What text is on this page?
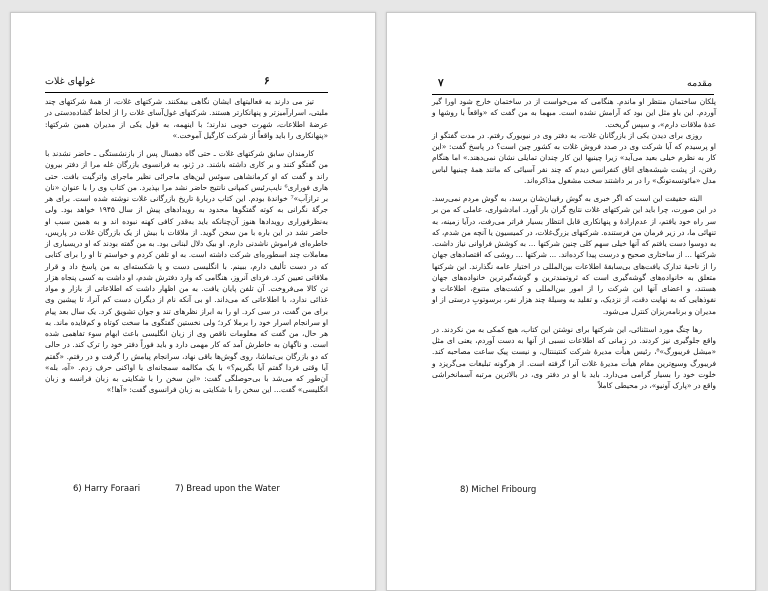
۶
غولهای غلات

تیز می دارند به فعالیتهای ایشان نگاهی بیفکنند. شرکتهای غلات، از همهٔ شرکتهای چند ملیتی، اسرارآمیزتر و پنهانکارتر هستند. شرکتهای غول‌آسای غلات را از لحاظ گشاده‌دستی در عرضهٔ اطلاعات، شهرت خوبی ندارند؛ با اینهمه، به قول یکی از مدیران همین شرکتها: «پنهانکاری را باید واقعاً از شرکت کارگیل آموخت.»

کارمندان سابق شرکتهای غلات ـ حتی گاه دهسال پس از بازنشستگی ـ حاضر نشدند با من گفتگو کنند و بر کاری داشته باشند. در ژنو، به فرانسوی بازرگان غله مرا از دفتر بیرون راند و گفت که او کرمانشاهی سوئس لین‌های ماجرائی نظیر ماجرای واترگیت بافت. حتی هاری فوراری⁶ نایب‌رئیس کمپانی نانتیج حاضر نشد مرا بپذیرد. من کتاب وی را با عنوان «نان بر ترازآب»⁷ خواندهٔ بودم. این کتاب دربارهٔ تاریخ بازرگانی غلات نوشته شده است. برای هر جرگهٔ نگرانی به کوته گفتگوها محدود به رویدادهای پیش از سال ۱۹۴۵ خواهد بود. ولی به‌نظرفوراری رویدادها هنوز آن‌چنانکه باید به‌قدر کافی کهنه نبوده اند و به همین سبب او حاضر نشد در این باره با من سخن گوید. از ملاقات با بیش از یک بازرگان غلات در پاریس، خاطره‌ای فراموش ناشدنی دارم. او بیک دلال لبنانی بود. به من گفته بودند که او دریسیاری از معاملات چند اسطوره‌ای شرکت داشته است. به او تلفن کردم و خواستم تا او را برای کتابی که در دست تألیف دارم، ببینم. با انگلیسی دست و پا شکسته‌ای به من پاسخ داد و قرار ملاقاتی تعیین کرد. فردای آنروز، هنگامی که وارد دفترش شدم، او داشت به کسی پنجاه هزار تن کالا می‌فروخت. آن تلفن پایان یافت. به من اظهار داشت که اطلاعاتی از بازار و مواد غذائی ندارد، با اطلاعاتی که می‌داند. او بی آنکه نام از دیگران دست کم آنرا، تا پیشین وی برای من گفت، در سی کرد. او را به ابراز نظرهای تند و جوان تشویق کرد. یک سال بعد پیام او سرانجام اسرار خود را برملا کرد؛ ولی نخستین گفتگوی ما سخت کوتاه و کم‌فایده ماند. به هر حال، من گفت که معلومات ناقص وی از زبان انگلیسی باعث ابهام سوء تفاهمی شده است. و ناگهان به خاطرش آمد که کار مهمی دارد و باید فوراً دفتر خود را ترک کند. در حالی که دو بازرگان بی‌تماشا، روی گوش‌ها باقی نهاد، سرانجام پیامش را گرفت و در رفتم. «گفتم آیا وقتی فردا گفتم آیا بگیریم؟» با یک مکالمه سمجانه‌ای با اواکنی حرف زدم. «آه، بله» آن‌طور که می‌شد با بی‌حوصلگی گفت: «این سخن را با شکایتی به زبان فرانسه و زبان انگلیسی» گفت... این سخن را با شکایتی به زبان فرانسوی گفت: «آها!»

6) Harry Foraari	7) Bread upon the Water
۷	مقدمه

پلکان ساختمان منتظر او ماندم. هنگامی که می‌خواست از در ساختمان خارج شود اورا گیر آوردم. این باو مثل این بود که آرامش نشده است. مبهما به من گفت که «واقعاً با روشها و عدهٔ ملاقات دارم»، و سپس گریخت.

روزی برای دیدن یکی از بازرگانان غلات، به دفتر وی در نیویورک رفتم. در مدت گفتگو از او پرسیدم که آیا شرکت وی در صدد فروش غلات به کشور چین است؟ در پاسخ گفت: «این کار به نظرم خیلی بعید می‌آید» زیرا چینیها این کار چندان تمایلی نشان نمی‌دهند.» اما هنگام رفتن، از پشت شیشه‌های اتاق کنفرانس دیدم که چند نفر آسیائی که مانند همهٔ چینیها لباس مدل «مائوتسه‌تونگ» را در بر داشتند سخت مشغول مذاکره‌اند.

البته حقیقت این است که اگر خبری به گوش رقیبان‌شان برسد، به گوش مردم نمی‌رسد. در این صورت، چرا باید این شرکتهای غلات نتایج گران بار آورد. امادشواری، عاملی که من بر سر راه خود یافتم، از عدم‌ارادهٔ و پنهانکاری قابل انتظار بسیار فراتر می‌رفت، درآیا زمینه، به تنهائی ما، در زیر فرمان من فرستنده. شرکتهای بزرگ‌غلات، در کمیسیون یا آنچه من شدم، که به دوسوا دست یافتم که آنها خیلی سهم کلی چنین شرکتها ... به کوشش فراوانی نیاز داشت. شرکتها ... از ساختاری صحیح و درست پیدا کرده‌اند. ... شرکتها ... روشی که اقتصادهای جهان را از ناحیهٔ تدارک یافت‌های بی‌سابقهٔ اطلاعات بین‌المللی در اختیار عامه نگذارند. این شرکتها متعلق به خانواده‌های گوشه‌گیری است که ثروتمندترین و گوشه‌گیرترین خانواده‌های جهان هستند، و اعضای آنها این شرکت را از امور بین‌المللی و کشت‌های متنوع، اطلاعات و نفوذ‌هایی که به نهایت دقت، از نزدیک، و تقلید به وسیلهٔ چند هزار نفر، برسوتوبِ درستی از او مدیران و برنامه‌ریزان کنترل می‌شود.

رها چنگ مورد استثنائی، این شرکتها برای نوشتن این کتاب، هیچ کمکی به من نکردند. در واقع جلوگیری نیز کردند. در زمانی که اطلاعات نسبی از آنها به دست آوردم، یعنی ای مثل «میشل فریبورگ»⁸، رئیس هیأت مدیرهٔ شرکت کنتیننتال، و نیست پیک ساعت مصاحبه کند. فریبورگ وسیع‌ترین مقام هیأت مدیرهٔ غلات آنرا گرفته است. از هرگونه تبلیغات می‌گریزد و خلوت خود را بسیار گرامی می‌دارد. باید با او در دفتر وی، در بالاترین مرتبه آسمانخراشی واقع در «پارک آونیو»، در محیطی کاملاً

8) Michel Fribourg
